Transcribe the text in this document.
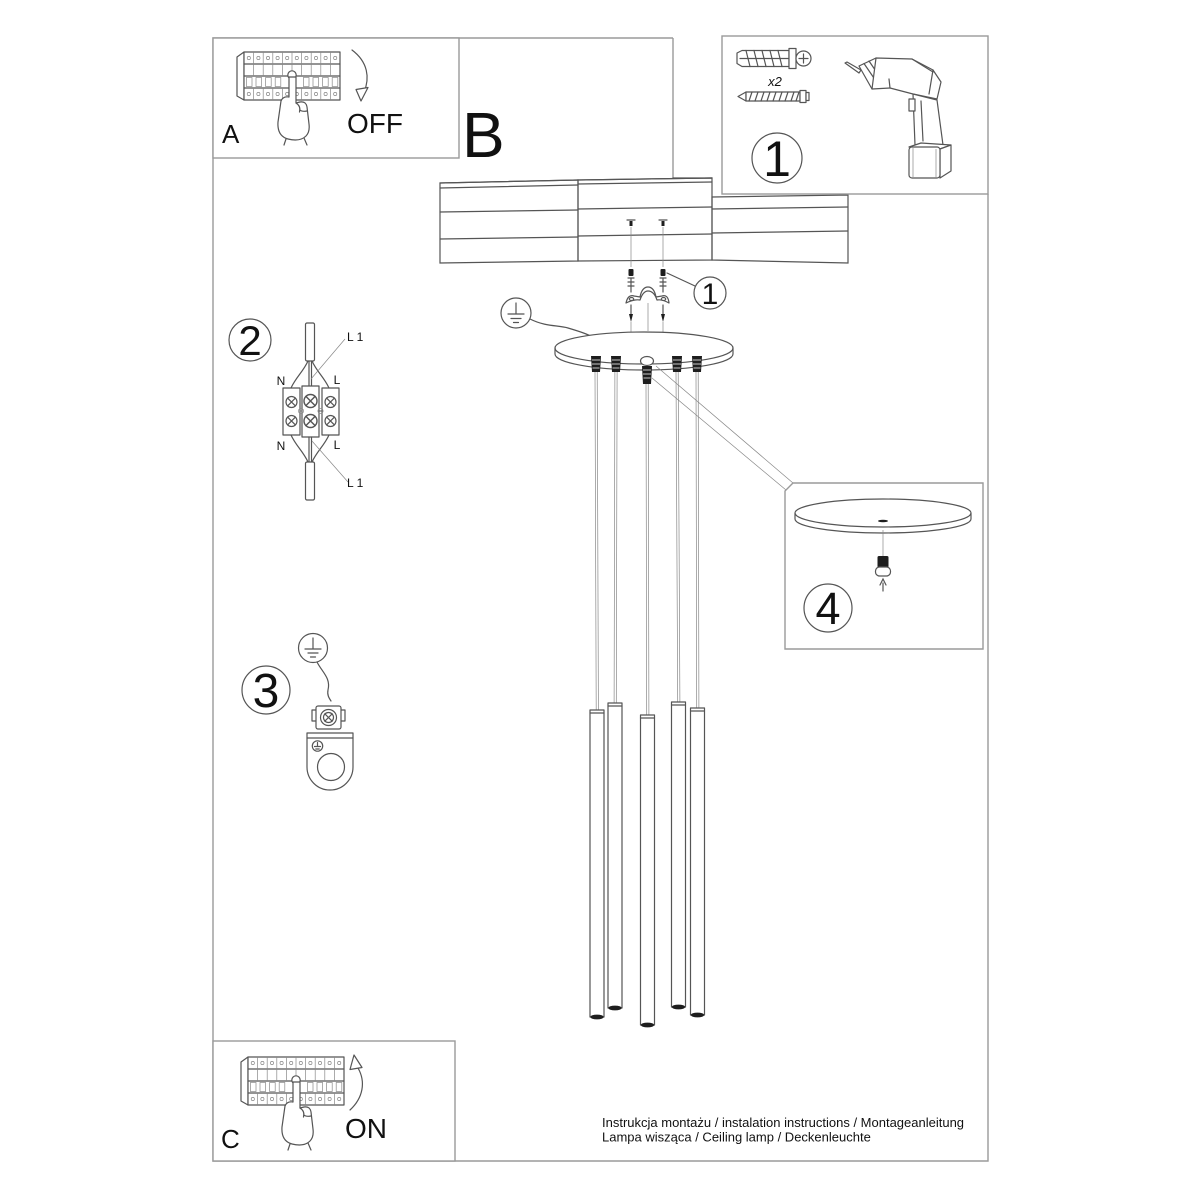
B
1
A	OFF
x2
1
2	L 1
N	L
N	L
L 1
3
4
C	ON	Instrukcja montażu / instalation instructions / Montageanleitung
Lampa wisząca / Ceiling lamp / Deckenleuchte
